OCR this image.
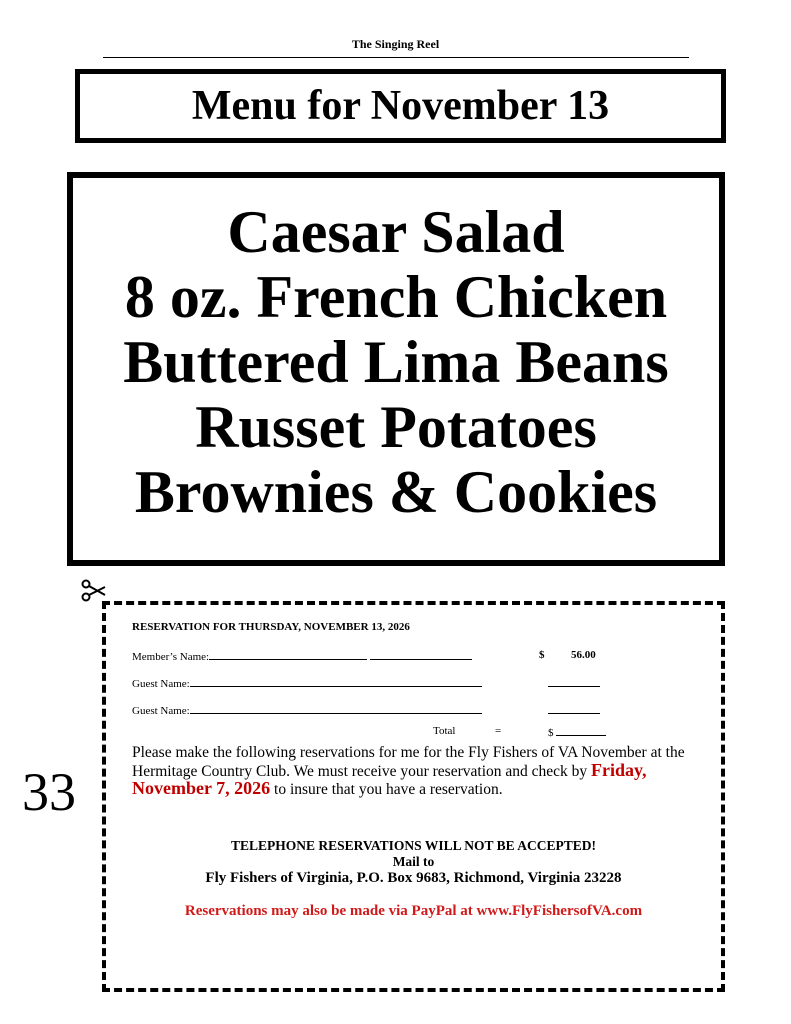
The Singing Reel
Menu for November 13
Caesar Salad
8 oz. French Chicken
Buttered Lima Beans
Russet Potatoes
Brownies & Cookies
33
RESERVATION FOR THURSDAY, NOVEMBER 13, 2026
Member’s Name:	$ 56.00
Guest Name:
Guest Name:
Total	=	$
Please make the following reservations for me for the Fly Fishers of VA November at the Hermitage Country Club. We must receive your reservation and check by Friday, November 7, 2026 to insure that you have a reservation.
TELEPHONE RESERVATIONS WILL NOT BE ACCEPTED!
Mail to
Fly Fishers of Virginia, P.O. Box 9683, Richmond, Virginia 23228
Reservations may also be made via PayPal at www.FlyFishersofVA.com
